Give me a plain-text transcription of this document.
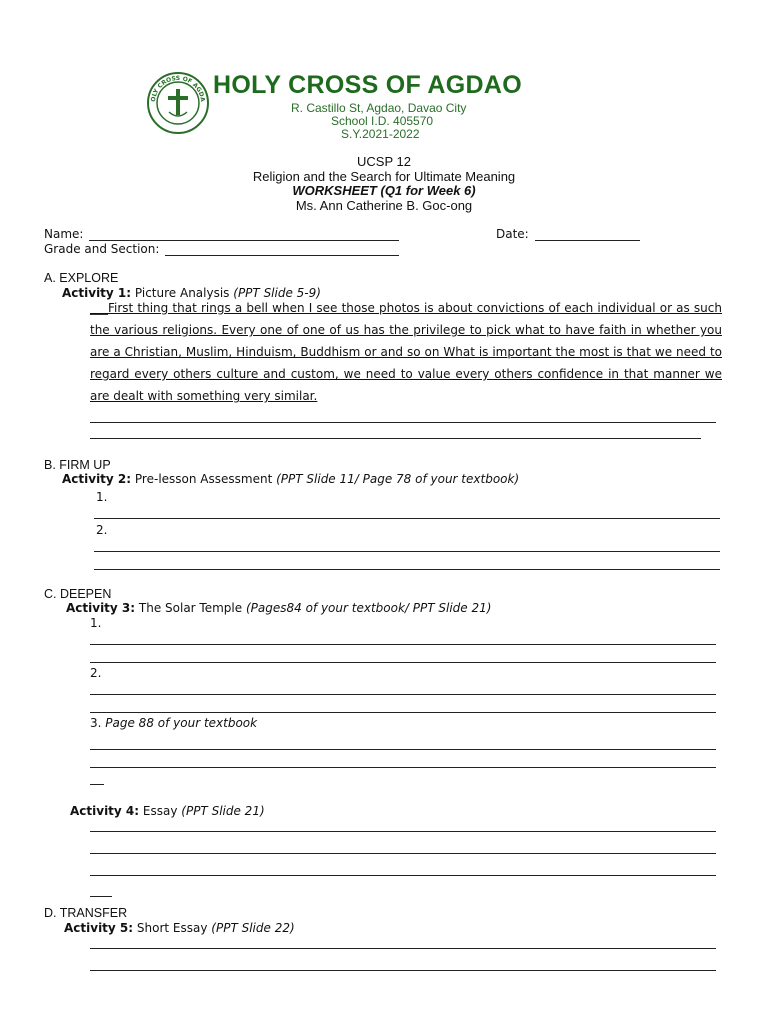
OLY CROSS OF AGDA
HOLY CROSS OF AGDAO
R. Castillo St, Agdao, Davao City
School I.D. 405570
S.Y.2021-2022
UCSP 12
Religion and the Search for Ultimate Meaning
WORKSHEET (Q1 for Week 6)
Ms. Ann Catherine B. Goc-ong
Name:	Date:
Grade and Section:
A. EXPLORE
Activity 1: Picture Analysis (PPT Slide 5-9)
___First thing that rings a bell when I see those photos is about convictions of each individual or as such the various religions. Every one of one of us has the privilege to pick what to have faith in whether you are a Christian, Muslim, Hinduism, Buddhism or and so on What is important the most is that we need to regard every others culture and custom, we need to value every others confidence in that manner we are dealt with something very similar.
B. FIRM UP
Activity 2: Pre-lesson Assessment (PPT Slide 11/ Page 78 of your textbook)
1.
2.
C. DEEPEN
Activity 3: The Solar Temple (Pages84 of your textbook/ PPT Slide 21)
1.
2.
3. Page 88 of your textbook
Activity 4: Essay (PPT Slide 21)
D. TRANSFER
Activity 5: Short Essay (PPT Slide 22)
